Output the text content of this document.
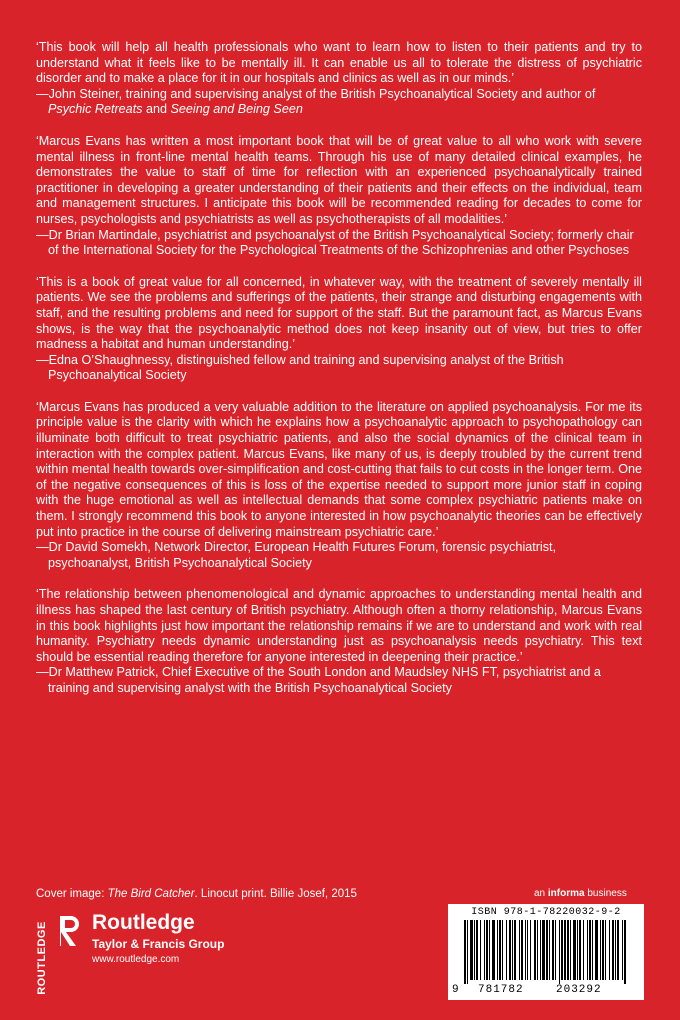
‘This book will help all health professionals who want to learn how to listen to their patients and try to understand what it feels like to be mentally ill. It can enable us all to tolerate the distress of psychiatric disorder and to make a place for it in our hospitals and clinics as well as in our minds.’

—John Steiner, training and supervising analyst of the British Psychoanalytical Society and author of Psychic Retreats and Seeing and Being Seen

‘Marcus Evans has written a most important book that will be of great value to all who work with severe mental illness in front-line mental health teams. Through his use of many detailed clinical examples, he demonstrates the value to staff of time for reflection with an experienced psychoanalytically trained practitioner in developing a greater understanding of their patients and their effects on the individual, team and management structures. I anticipate this book will be recommended reading for decades to come for nurses, psychologists and psychiatrists as well as psychotherapists of all modalities.’

—Dr Brian Martindale, psychiatrist and psychoanalyst of the British Psychoanalytical Society; formerly chair of the International Society for the Psychological Treatments of the Schizophrenias and other Psychoses

‘This is a book of great value for all concerned, in whatever way, with the treatment of severely mentally ill patients. We see the problems and sufferings of the patients, their strange and disturbing engagements with staff, and the resulting problems and need for support of the staff. But the paramount fact, as Marcus Evans shows, is the way that the psychoanalytic method does not keep insanity out of view, but tries to offer madness a habitat and human understanding.’

—Edna O’Shaughnessy, distinguished fellow and training and supervising analyst of the British Psychoanalytical Society

‘Marcus Evans has produced a very valuable addition to the literature on applied psychoanalysis. For me its principle value is the clarity with which he explains how a psychoanalytic approach to psychopathology can illuminate both difficult to treat psychiatric patients, and also the social dynamics of the clinical team in interaction with the complex patient. Marcus Evans, like many of us, is deeply troubled by the current trend within mental health towards over-simplification and cost-cutting that fails to cut costs in the longer term. One of the negative consequences of this is loss of the expertise needed to support more junior staff in coping with the huge emotional as well as intellectual demands that some complex psychiatric patients make on them. I strongly recommend this book to anyone interested in how psychoanalytic theories can be effectively put into practice in the course of delivering mainstream psychiatric care.’

—Dr David Somekh, Network Director, European Health Futures Forum, forensic psychiatrist, psychoanalyst, British Psychoanalytical Society

‘The relationship between phenomenological and dynamic approaches to understanding mental health and illness has shaped the last century of British psychiatry. Although often a thorny relationship, Marcus Evans in this book highlights just how important the relationship remains if we are to understand and work with real humanity. Psychiatry needs dynamic understanding just as psychoanalysis needs psychiatry. This text should be essential reading therefore for anyone interested in deepening their practice.’

—Dr Matthew Patrick, Chief Executive of the South London and Maudsley NHS FT, psychiatrist and a training and supervising analyst with the British Psychoanalytical Society

Cover image: The Bird Catcher. Linocut print. Billie Josef, 2015
ROUTLEDGE Routledge
Taylor & Francis Group
www.routledge.com
an informa business
ISBN 978-1-78220032-9-2
9 781782	203292
